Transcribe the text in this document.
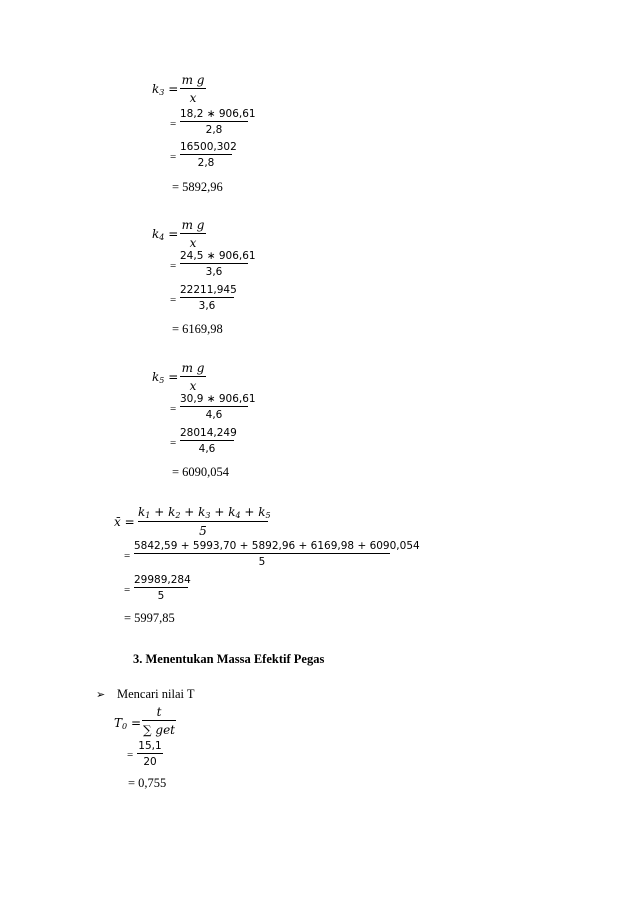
$k_3$ =
m g
x
=
18,2 ∗ 906,61
2,8
=
16500,302
2,8
= 5892,96
$k_4$ =
m g
x
=
24,5 ∗ 906,61
3,6
=
22211,945
3,6
= 6169,98
$k_5$ =
m g
x
=
30,9 ∗ 906,61
4,6
=
28014,249
4,6
= 6090,054
x̄ =
$k_1 + k_2 + k_3 + k_4 + k_5$
5
=
5842,59 + 5993,70 + 5892,96 + 6169,98 + 6090,054
5
=
29989,284
5
= 5997,85
3. Menentukan Massa Efektif Pegas
➢ Mencari nilai T
$T_0$ =
t
∑ get
=
15,1
20
= 0,755
